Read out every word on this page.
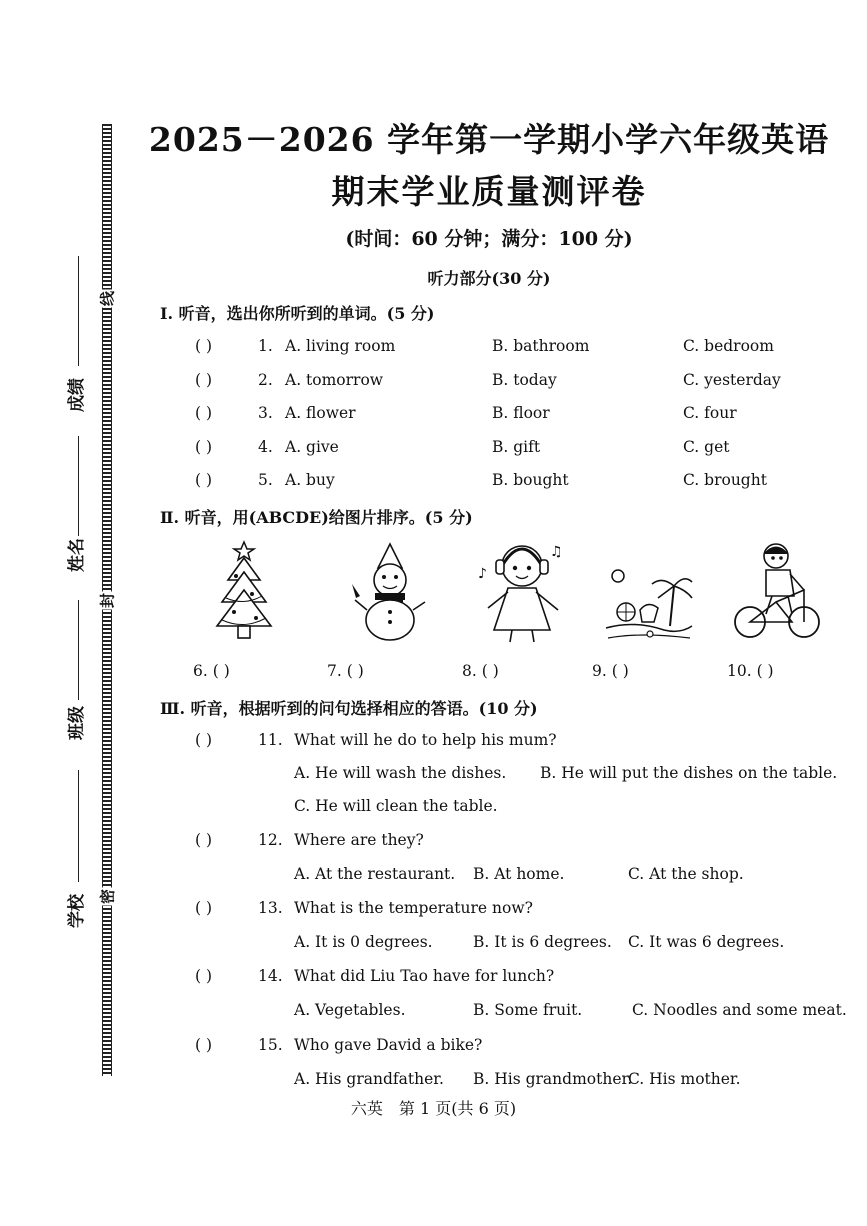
线
封
密
成绩
姓名
班级
学校
2025－2026 学年第一学期小学六年级英语
期末学业质量测评卷
(时间：60 分钟；满分：100 分)
听力部分(30 分)
Ⅰ. 听音，选出你所听到的单词。(5 分)
( )	1. A. living room	B. bathroom	C. bedroom
( )	2. A. tomorrow	B. today	C. yesterday
( )	3. A. flower	B. floor	C. four
( )	4. A. give	B. gift	C. get
( )	5. A. buy	B. bought	C. brought
Ⅱ. 听音，用(ABCDE)给图片排序。(5 分)
♪
♫
6. ( )	7. ( )	8. ( )	9. ( )	10. ( )
Ⅲ. 听音，根据听到的问句选择相应的答语。(10 分)
( )	11. What will he do to help his mum?
A. He will wash the dishes. B. He will put the dishes on the table.
C. He will clean the table.
( )	12. Where are they?
A. At the restaurant. B. At home.	C. At the shop.
( )	13. What is the temperature now?
A. It is 0 degrees.	B. It is 6 degrees. C. It was 6 degrees.
( )	14. What did Liu Tao have for lunch?
A. Vegetables.	B. Some fruit.	C. Noodles and some meat.
( )	15. Who gave David a bike?
A. His grandfather. B. His grandmother.
C. His mother.
六英　第 1 页(共 6 页)
